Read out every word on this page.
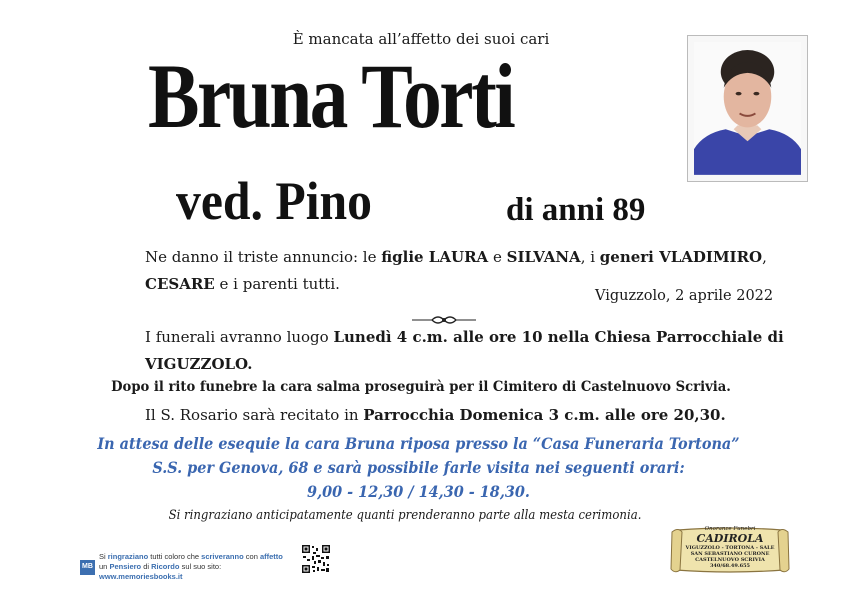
È mancata all’affetto dei suoi cari
Bruna Torti
ved. Pino	di anni 89
Ne danno il triste annuncio: le figlie LAURA e SILVANA, i generi VLADIMIRO,
CESARE e i parenti tutti.
Viguzzolo, 2 aprile 2022
I funerali avranno luogo Lunedì 4 c.m. alle ore 10 nella Chiesa Parrocchiale di VIGUZZOLO.
Dopo il rito funebre la cara salma proseguirà per il Cimitero di Castelnuovo Scrivia.
Il S. Rosario sarà recitato in Parrocchia Domenica 3 c.m. alle ore 20,30.
In attesa delle esequie la cara Bruna riposa presso la “Casa Funeraria Tortona”
S.S. per Genova, 68 e sarà possibile farle visita nei seguenti orari:
9,00 - 12,30 / 14,30 - 18,30.
Si ringraziano anticipatamente quanti prenderanno parte alla mesta cerimonia.
MB
Si ringraziano tutti coloro che scriveranno con affetto un Pensiero di Ricordo sul suo sito: www.memoriesbooks.it
Onoranze Funebri
CADIROLA
VIGUZZOLO - TORTONA - SALE
SAN SEBASTIANO CURONE
CASTELNUOVO SCRIVIA
340/68.49.655
